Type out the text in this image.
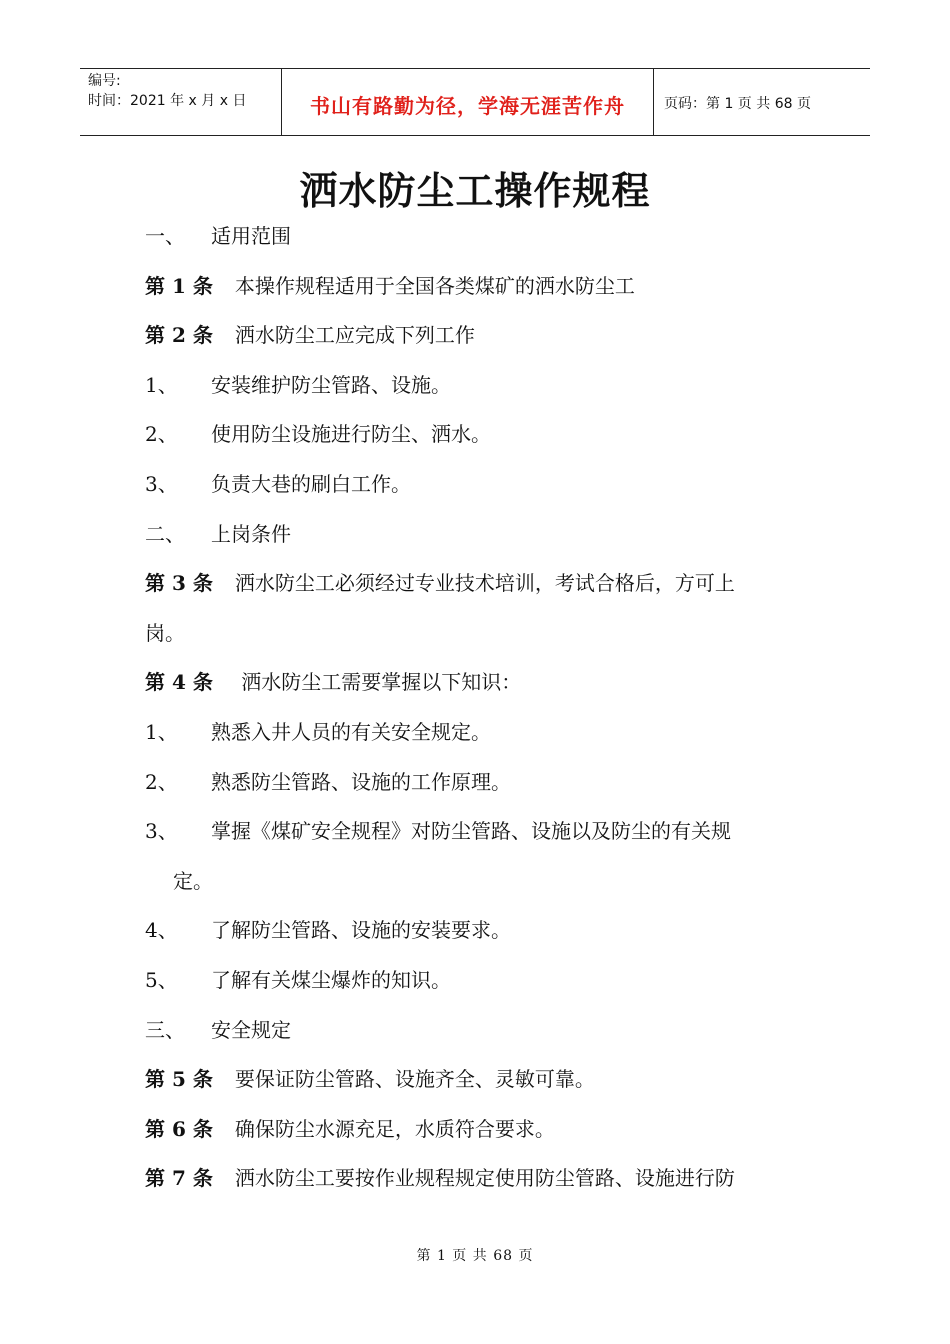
编号:
时间：2021 年 x 月 x 日	书山有路勤为径，学海无涯苦作舟	页码：第 1 页 共 68 页
洒水防尘工操作规程
一、 适用范围
第 1 条 本操作规程适用于全国各类煤矿的洒水防尘工
第 2 条 洒水防尘工应完成下列工作
1、 安装维护防尘管路、设施。
2、 使用防尘设施进行防尘、洒水。
3、 负责大巷的刷白工作。
二、 上岗条件
第 3 条 洒水防尘工必须经过专业技术培训，考试合格后，方可上
岗。
第 4 条 洒水防尘工需要掌握以下知识：
1、 熟悉入井人员的有关安全规定。
2、 熟悉防尘管路、设施的工作原理。
3、 掌握《煤矿安全规程》对防尘管路、设施以及防尘的有关规
定。
4、 了解防尘管路、设施的安装要求。
5、 了解有关煤尘爆炸的知识。
三、 安全规定
第 5 条 要保证防尘管路、设施齐全、灵敏可靠。
第 6 条 确保防尘水源充足，水质符合要求。
第 7 条 洒水防尘工要按作业规程规定使用防尘管路、设施进行防
第 1 页 共 68 页
